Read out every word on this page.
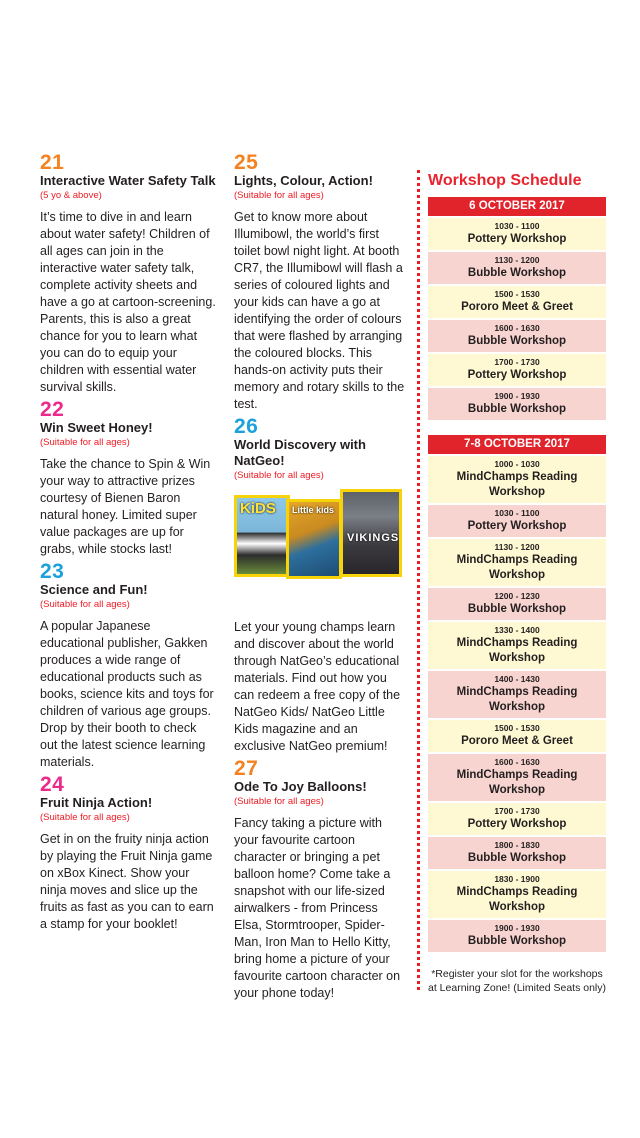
21
Interactive Water Safety Talk
(5 yo & above)
It’s time to dive in and learn about water safety! Children of all ages can join in the interactive water safety talk, complete activity sheets and have a go at cartoon-screening. Parents, this is also a great chance for you to learn what you can do to equip your children with essential water survival skills.
22
Win Sweet Honey!
(Suitable for all ages)
Take the chance to Spin & Win your way to attractive prizes courtesy of Bienen Baron natural honey. Limited super value packages are up for grabs, while stocks last!
23
Science and Fun!
(Suitable for all ages)
A popular Japanese educational publisher, Gakken produces a wide range of educational products such as books, science kits and toys for children of various age groups. Drop by their booth to check out the latest science learning materials.
24
Fruit Ninja Action!
(Suitable for all ages)
Get in on the fruity ninja action by playing the Fruit Ninja game on xBox Kinect. Show your ninja moves and slice up the fruits as fast as you can to earn a stamp for your booklet!
25
Lights, Colour, Action!
(Suitable for all ages)
Get to know more about Illumibowl, the world’s first toilet bowl night light. At booth CR7, the Illumibowl will flash a series of coloured lights and your kids can have a go at identifying the order of colours that were flashed by arranging the coloured blocks. This hands-on activity puts their memory and rotary skills to the test.
26
World Discovery with NatGeo!
(Suitable for all ages)
KiDS Little kids
VIKINGS
Let your young champs learn and discover about the world through NatGeo’s educational materials. Find out how you can redeem a free copy of the NatGeo Kids/ NatGeo Little Kids magazine and an exclusive NatGeo premium!
27
Ode To Joy Balloons!
(Suitable for all ages)
Fancy taking a picture with your favourite cartoon character or bringing a pet balloon home? Come take a snapshot with our life-sized airwalkers - from Princess Elsa, Stormtrooper, Spider-Man, Iron Man to Hello Kitty, bring home a picture of your favourite cartoon character on your phone today!
Workshop Schedule
6 OCTOBER 2017
1030 - 1100
Pottery Workshop
1130 - 1200
Bubble Workshop
1500 - 1530
Pororo Meet & Greet
1600 - 1630
Bubble Workshop
1700 - 1730
Pottery Workshop
1900 - 1930
Bubble Workshop
7-8 OCTOBER 2017
1000 - 1030
MindChamps Reading Workshop
1030 - 1100
Pottery Workshop
1130 - 1200
MindChamps Reading Workshop
1200 - 1230
Bubble Workshop
1330 - 1400
MindChamps Reading Workshop
1400 - 1430
MindChamps Reading Workshop
1500 - 1530
Pororo Meet & Greet
1600 - 1630
MindChamps Reading Workshop
1700 - 1730
Pottery Workshop
1800 - 1830
Bubble Workshop
1830 - 1900
MindChamps Reading Workshop
1900 - 1930
Bubble Workshop
*Register your slot for the workshops at Learning Zone! (Limited Seats only)
